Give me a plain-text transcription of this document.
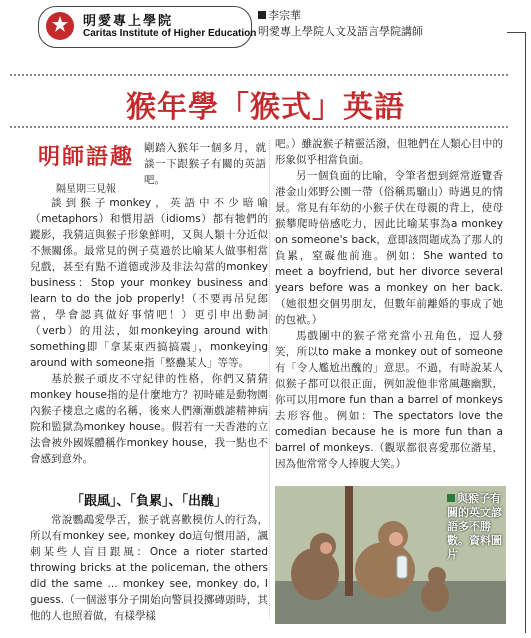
明愛專上學院
Caritas Institute of Higher Education
李宗華
明愛專上學院人文及語言學院講師
猴年學「猴式」英語
明師語趣
隔星期三見報
剛踏入猴年一個多月，就談一下跟猴子有關的英語吧。

談到猴子monkey，英語中不少暗喻（metaphors）和慣用語（idioms）都有牠們的蹤影，我猜這與猴子形象鮮明，又與人類十分近似不無關係。最常見的例子莫過於比喻某人做事相當兒戲，甚至有點不道德或涉及非法勾當的monkey business：Stop your monkey business and learn to do the job properly!（不要再吊兒郎當，學會認真做好事情吧！）更引申出動詞（verb）的用法，如monkeying around with something即「拿某東西搞搞震」，monkeying around with someone指「整蠱某人」等等。

基於猴子頑皮不守紀律的性格，你們又猜猜monkey house指的是什麼地方？初時確是動物園內猴子棲息之處的名稱，後來人們漸漸戲謔精神病院和監獄為monkey house。假若有一天香港的立法會被外國媒體稱作monkey house，我一點也不會感到意外。

「跟風」、「負累」、「出醜」

常說鸚鵡愛學舌，猴子就喜歡模仿人的行為，所以有monkey see, monkey do這句慣用語，諷刺某些人盲目跟風：Once a rioter started throwing bricks at the policeman, the others did the same ... monkey see, monkey do, I guess.（一個滋事分子開始向警員投擲磚頭時，其他的人也照着做，有樣學樣

吧。）雖說猴子精靈活潑，但牠們在人類心目中的形象似乎相當負面。

另一個負面的比喻，令筆者想到經常遊覽香港金山郊野公園一帶（俗稱馬騮山）時遇見的情景。常見有年幼的小猴子伏在母親的背上，使母猴攀爬時倍感吃力，因此比喻某事為a monkey on someone's back，意即該問題成為了那人的負累，窒礙他前進。例如：She wanted to meet a boyfriend, but her divorce several years before was a monkey on her back.（她很想交個男朋友，但數年前離婚的事成了她的包袱。）

馬戲團中的猴子常充當小丑角色，逗人發笑，所以to make a monkey out of someone有「令人尷尬出醜的」意思。不過，有時說某人似猴子都可以很正面，例如說他非常風趣幽默，你可以用more fun than a barrel of monkeys去形容他。例如：The spectators love the comedian because he is more fun than a barrel of monkeys.（觀眾都很喜愛那位諧星，因為他常常令人捧腹大笑。）

與猴子有關的英文諺語多不勝數。資料圖片
